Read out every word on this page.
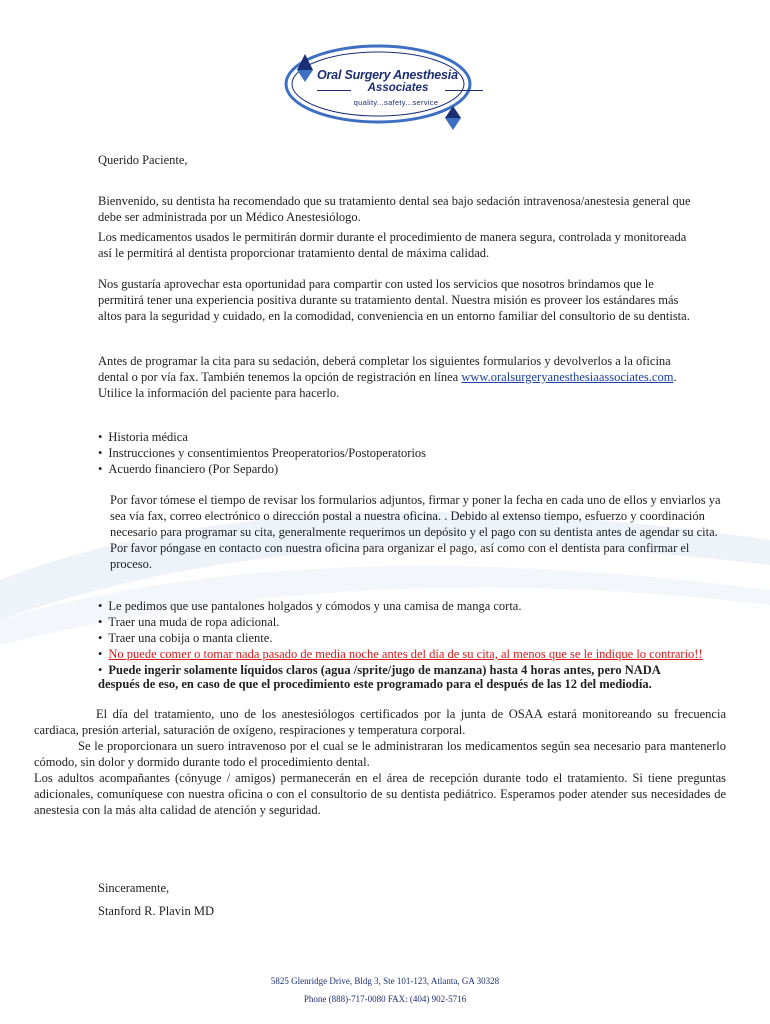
Oral Surgery Anesthesia
Associates
quality...safety...service
Querido Paciente,
Bienvenido, su dentista ha recomendado que su tratamiento dental sea bajo sedación intravenosa/anestesia general que debe ser administrada por un Médico Anestesiólogo.
Los medicamentos usados le permitirán dormir durante el procedimiento de manera segura, controlada y monitoreada así le permitirá al dentista proporcionar tratamiento dental de máxima calidad.
Nos gustaría aprovechar esta oportunidad para compartir con usted los servicios que nosotros brindamos que le permitirá tener una experiencia positiva durante su tratamiento dental. Nuestra misión es proveer los estándares más altos para la seguridad y cuidado, en la comodidad, conveniencia en un entorno familiar del consultorio de su dentista.
Antes de programar la cita para su sedación, deberá completar los siguientes formularios y devolverlos a la oficina dental o por vía fax. También tenemos la opción de registración en línea www.oralsurgeryanesthesiaassociates.com.
Utilice la información del paciente para hacerlo.
• Historia médica
• Instrucciones y consentimientos Preoperatorios/Postoperatorios
• Acuerdo financiero (Por Separdo)
Por favor tómese el tiempo de revisar los formularios adjuntos, firmar y poner la fecha en cada uno de ellos y enviarlos ya sea vía fax, correo electrónico o dirección postal a nuestra oficina. . Debido al extenso tiempo, esfuerzo y coordinación necesario para programar su cita, generalmente requerimos un depósito y el pago con su dentista antes de agendar su cita. Por favor póngase en contacto con nuestra oficina para organizar el pago, así como con el dentista para confirmar el proceso.
• Le pedimos que use pantalones holgados y cómodos y una camisa de manga corta.
• Traer una muda de ropa adicional.
• Traer una cobija o manta cliente.
• No puede comer o tomar nada pasado de media noche antes del día de su cita, al menos que se le indique lo contrario!!
• Puede ingerir solamente líquidos claros (agua /sprite/jugo de manzana) hasta 4 horas antes, pero NADA
después de eso, en caso de que el procedimiento este programado para el después de las 12 del mediodía.
El día del tratamiento, uno de los anestesiólogos certificados por la junta de OSAA estará monitoreando su frecuencia cardiaca, presión arterial, saturación de oxígeno, respiraciones y temperatura corporal.
Se le proporcionara un suero intravenoso por el cual se le administraran los medicamentos según sea necesario para mantenerlo cómodo, sin dolor y dormido durante todo el procedimiento dental.
Los adultos acompañantes (cónyuge / amigos) permanecerán en el área de recepción durante todo el tratamiento. Si tiene preguntas adicionales, comuníquese con nuestra oficina o con el consultorio de su dentista pediátrico. Esperamos poder atender sus necesidades de anestesia con la más alta calidad de atención y seguridad.
Sinceramente,
Stanford R. Plavin MD
5825 Glenridge Drive, Bldg 3, Ste 101-123, Atlanta, GA 30328
Phone (888)-717-0080 FAX: (404) 902-5716
